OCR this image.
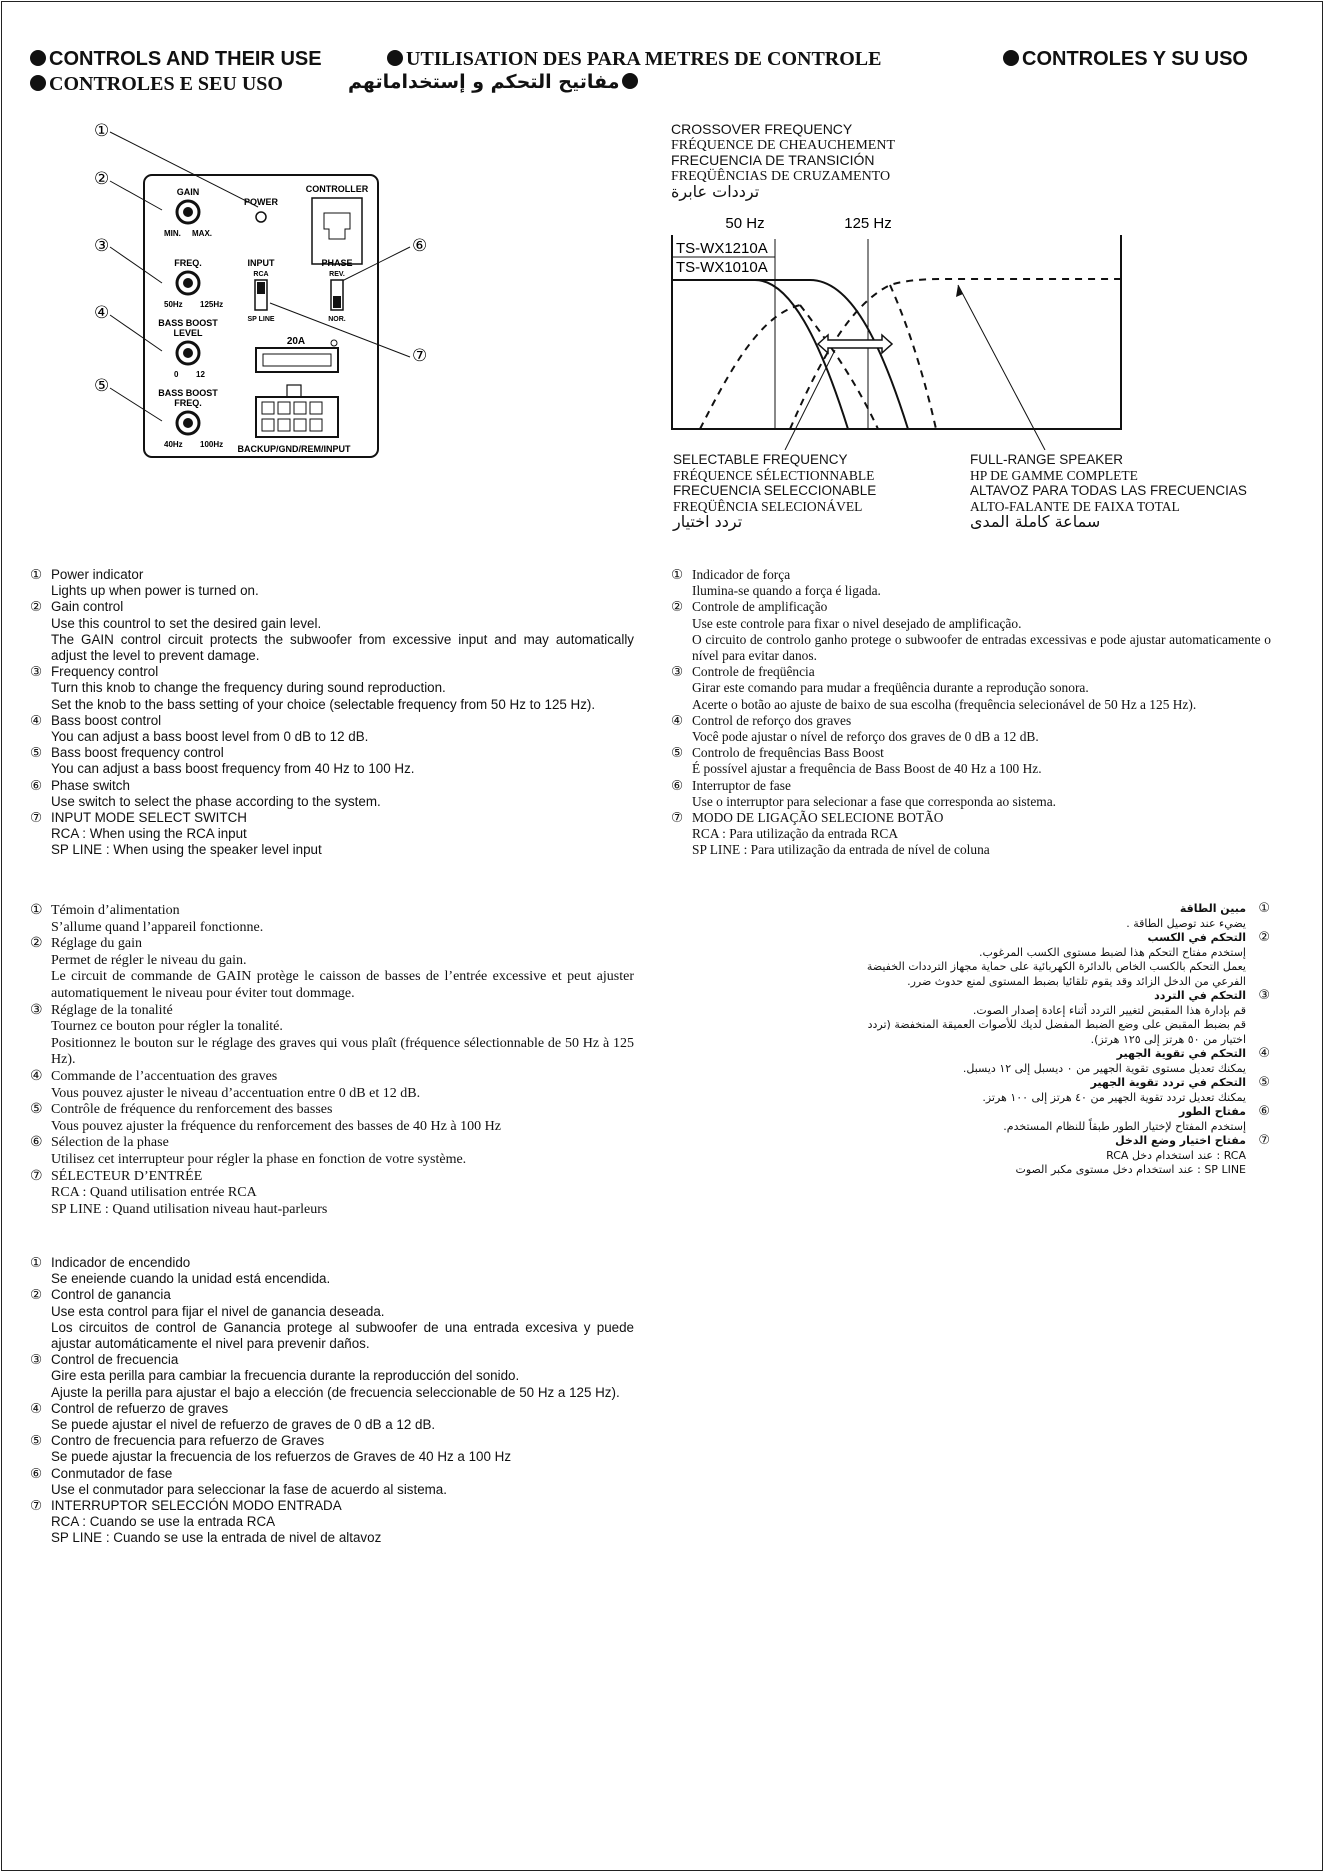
CONTROLS AND THEIR USE	UTILISATION DES PARA METRES DE CONTROLE	CONTROLES Y SU USO
CONTROLES E SEU USO	مفاتيح التحكم و إستخداماتهم
①
②
③
④
⑤
⑥
⑦
GAIN
MIN. MAX.
POWER
CONTROLLER
FREQ.
50Hz 125Hz
INPUT
RCA
SP LINE
PHASE
REV.
NOR.
BASS BOOST
LEVEL
0 12
20A
BASS BOOST
FREQ.
40Hz 100Hz BACKUP/GND/REM/INPUT
CROSSOVER FREQUENCY
FRÉQUENCE DE CHEAUCHEMENT
FRECUENCIA DE TRANSICIÓN
FREQÜÊNCIAS DE CRUZAMENTO
ترددات عابرة
50 Hz	125 Hz
TS-WX1210A
TS-WX1010A
SELECTABLE FREQUENCY
FRÉQUENCE SÉLECTIONNABLE
FRECUENCIA SELECCIONABLE
FREQÜÊNCIA SELECIONÁVEL
تردد اختيار
FULL-RANGE SPEAKER
HP DE GAMME COMPLETE
ALTAVOZ PARA TODAS LAS FRECUENCIAS
ALTO-FALANTE DE FAIXA TOTAL
سماعة كاملة المدى
① Power indicator
Lights up when power is turned on.
② Gain control
Use this countrol to set the desired gain level.
The GAIN control circuit protects the subwoofer from excessive input and may automatically adjust the level to prevent damage.
③ Frequency control
Turn this knob to change the frequency during sound reproduction.
Set the knob to the bass setting of your choice (selectable frequency from 50 Hz to 125 Hz).
④ Bass boost control
You can adjust a bass boost level from 0 dB to 12 dB.
⑤ Bass boost frequency control
You can adjust a bass boost frequency from 40 Hz to 100 Hz.
⑥ Phase switch
Use switch to select the phase according to the system.
⑦ INPUT MODE SELECT SWITCH
RCA : When using the RCA input
SP LINE : When using the speaker level input
① Indicador de força
Ilumina-se quando a força é ligada.
② Controle de amplificação
Use este controle para fixar o nivel desejado de amplificação.
O circuito de controlo ganho protege o subwoofer de entradas excessivas e pode ajustar automaticamente o nível para evitar danos.
③ Controle de freqüência
Girar este comando para mudar a freqüência durante a reprodução sonora.
Acerte o botão ao ajuste de baixo de sua escolha (frequência selecionável de 50 Hz a 125 Hz).
④ Control de reforço dos graves
Você pode ajustar o nível de reforço dos graves de 0 dB a 12 dB.
⑤ Controlo de frequências Bass Boost
É possível ajustar a frequência de Bass Boost de 40 Hz a 100 Hz.
⑥ Interruptor de fase
Use o interruptor para selecionar a fase que corresponda ao sistema.
⑦ MODO DE LIGAÇÃO SELECIONE BOTÃO
RCA : Para utilização da entrada RCA
SP LINE : Para utilização da entrada de nível de coluna
① Témoin d’alimentation
S’allume quand l’appareil fonctionne.
② Réglage du gain
Permet de régler le niveau du gain.
Le circuit de commande de GAIN protège le caisson de basses de l’entrée excessive et peut ajuster automatiquement le niveau pour éviter tout dommage.
③ Réglage de la tonalité
Tournez ce bouton pour régler la tonalité.
Positionnez le bouton sur le réglage des graves qui vous plaît (fréquence sélectionnable de 50 Hz à 125 Hz).
④ Commande de l’accentuation des graves
Vous pouvez ajuster le niveau d’accentuation entre 0 dB et 12 dB.
⑤ Contrôle de fréquence du renforcement des basses
Vous pouvez ajuster la fréquence du renforcement des basses de 40 Hz à 100 Hz
⑥ Sélection de la phase
Utilisez cet interrupteur pour régler la phase en fonction de votre système.
⑦ SÉLECTEUR D’ENTRÉE
RCA : Quand utilisation entrée RCA
SP LINE : Quand utilisation niveau haut-parleurs
①
مبين الطاقة
يضيء عند توصيل الطاقة .
②
التحكم في الكسب
إستخدم مفتاح التحكم هذا لضبط مستوى الكسب المرغوب.
يعمل التحكم بالكسب الخاص بالدائرة الكهربائية على حماية مجهاز الترددات الخفيضة الفرعي من الدخل الزائد وقد يقوم تلقائيا بضبط المستوى لمنع حدوث ضرر.
③
التحكم في التردد
قم بإدارة هذا المقبض لتغيير التردد أثناء إعادة إصدار الصوت.
قم بضبط المقبض على وضع الضبط المفضل لديك للأصوات العميقة المنخفضة (تردد اختيار من ٥٠ هرتز إلى ١٢٥ هرتز).
④
التحكم في تقوية الجهير
يمكنك تعديل مستوى تقوية الجهير من ٠ ديسبل إلى ١٢ ديسبل.
⑤
التحكم في تردد تقوية الجهير
يمكنك تعديل تردد تقوية الجهير من ٤٠ هرتز إلى ١٠٠ هرتز.
⑥
مفتاح الطور
إستخدم المفتاح لإختيار الطور طبقاً للنظام المستخدم.
⑦
مفتاح اختيار وضع الدخل
RCA : عند استخدام دخل RCA
SP LINE : عند استخدام دخل مستوى مكبر الصوت
① Indicador de encendido
Se eneiende cuando la unidad está encendida.
② Control de ganancia
Use esta control para fijar el nivel de ganancia deseada.
Los circuitos de control de Ganancia protege al subwoofer de una entrada excesiva y puede ajustar automáticamente el nivel para prevenir daños.
③ Control de frecuencia
Gire esta perilla para cambiar la frecuencia durante la reproducción del sonido.
Ajuste la perilla para ajustar el bajo a elección (de frecuencia seleccionable de 50 Hz a 125 Hz).
④ Control de refuerzo de graves
Se puede ajustar el nivel de refuerzo de graves de 0 dB a 12 dB.
⑤ Contro de frecuencia para refuerzo de Graves
Se puede ajustar la frecuencia de los refuerzos de Graves de 40 Hz a 100 Hz
⑥ Conmutador de fase
Use el conmutador para seleccionar la fase de acuerdo al sistema.
⑦ INTERRUPTOR SELECCIÓN MODO ENTRADA
RCA : Cuando se use la entrada RCA
SP LINE : Cuando se use la entrada de nivel de altavoz
